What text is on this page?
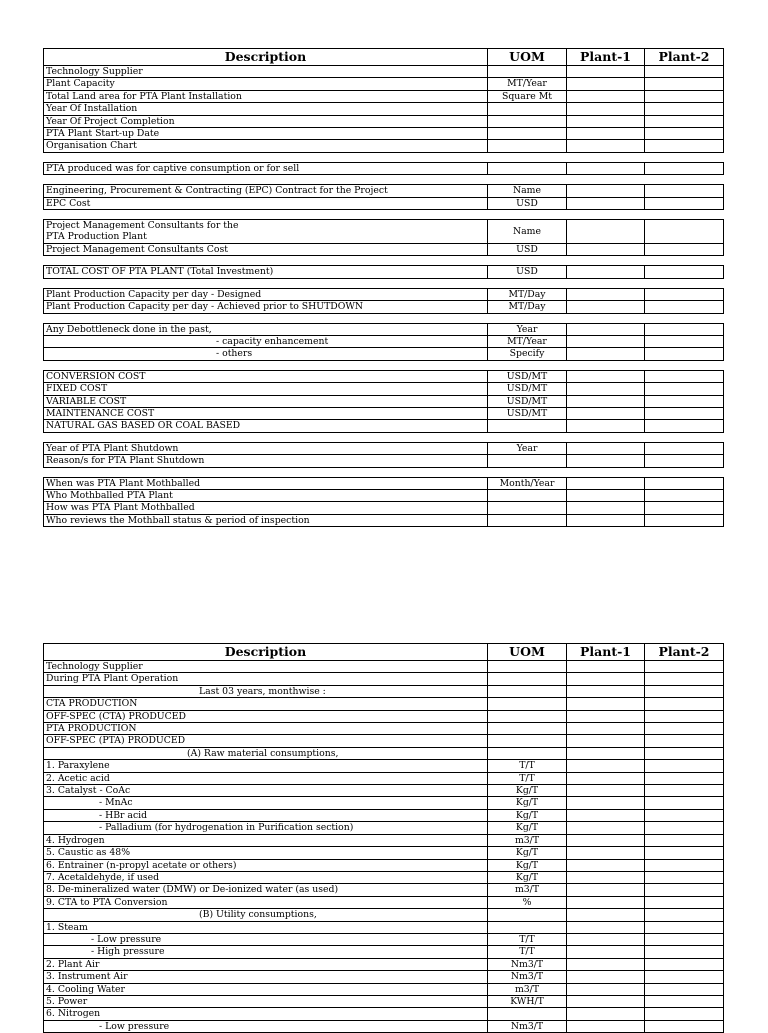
Description	UOM	Plant-1	Plant-2
Technology Supplier			
Plant Capacity	MT/Year		
Total Land area for PTA Plant Installation	Square Mt		
Year Of Installation			
Year Of Project Completion			
PTA Plant Start-up Date			
Organisation Chart			

PTA produced was for captive consumption or for sell			

Engineering, Procurement & Contracting (EPC) Contract for the Project	Name		
EPC Cost	USD		

Project Management Consultants for the
PTA Production Plant	Name		
Project Management Consultants Cost	USD		

TOTAL COST OF PTA PLANT (Total Investment)	USD		

Plant Production Capacity per day - Designed	MT/Day		
Plant Production Capacity per day - Achieved prior to SHUTDOWN	MT/Day		

Any Debottleneck done in the past,	Year		
- capacity enhancement	MT/Year		
- others	Specify		

CONVERSION COST	USD/MT		
FIXED COST	USD/MT		
VARIABLE COST	USD/MT		
MAINTENANCE COST	USD/MT		
NATURAL GAS BASED OR COAL BASED			

Year of PTA Plant Shutdown	Year		
Reason/s for PTA Plant Shutdown			

When was PTA Plant Mothballed	Month/Year		
Who Mothballed PTA Plant			
How was PTA Plant Mothballed			
Who reviews the Mothball status & period of inspection			
Description	UOM	Plant-1	Plant-2
Technology Supplier			
During PTA Plant Operation			
Last 03 years, monthwise :			
CTA PRODUCTION			
OFF-SPEC (CTA) PRODUCED			
PTA PRODUCTION			
OFF-SPEC (PTA) PRODUCED			
(A) Raw material consumptions,			
1. Paraxylene	T/T		
2. Acetic acid	T/T		
3. Catalyst - CoAc	Kg/T		
- MnAc	Kg/T		
- HBr acid	Kg/T		
- Palladium (for hydrogenation in Purification section)	Kg/T		
4. Hydrogen	m3/T		
5. Caustic as 48%	Kg/T		
6. Entrainer (n-propyl acetate or others)	Kg/T		
7. Acetaldehyde, if used	Kg/T		
8. De-mineralized water (DMW) or De-ionized water (as used)	m3/T		
9. CTA to PTA Conversion	%		
(B) Utility consumptions,			
1. Steam			
- Low pressure	T/T		
- High pressure	T/T		
2. Plant Air	Nm3/T		
3. Instrument Air	Nm3/T		
4. Cooling Water	m3/T		
5. Power	KWH/T		
6. Nitrogen			
- Low pressure	Nm3/T		
